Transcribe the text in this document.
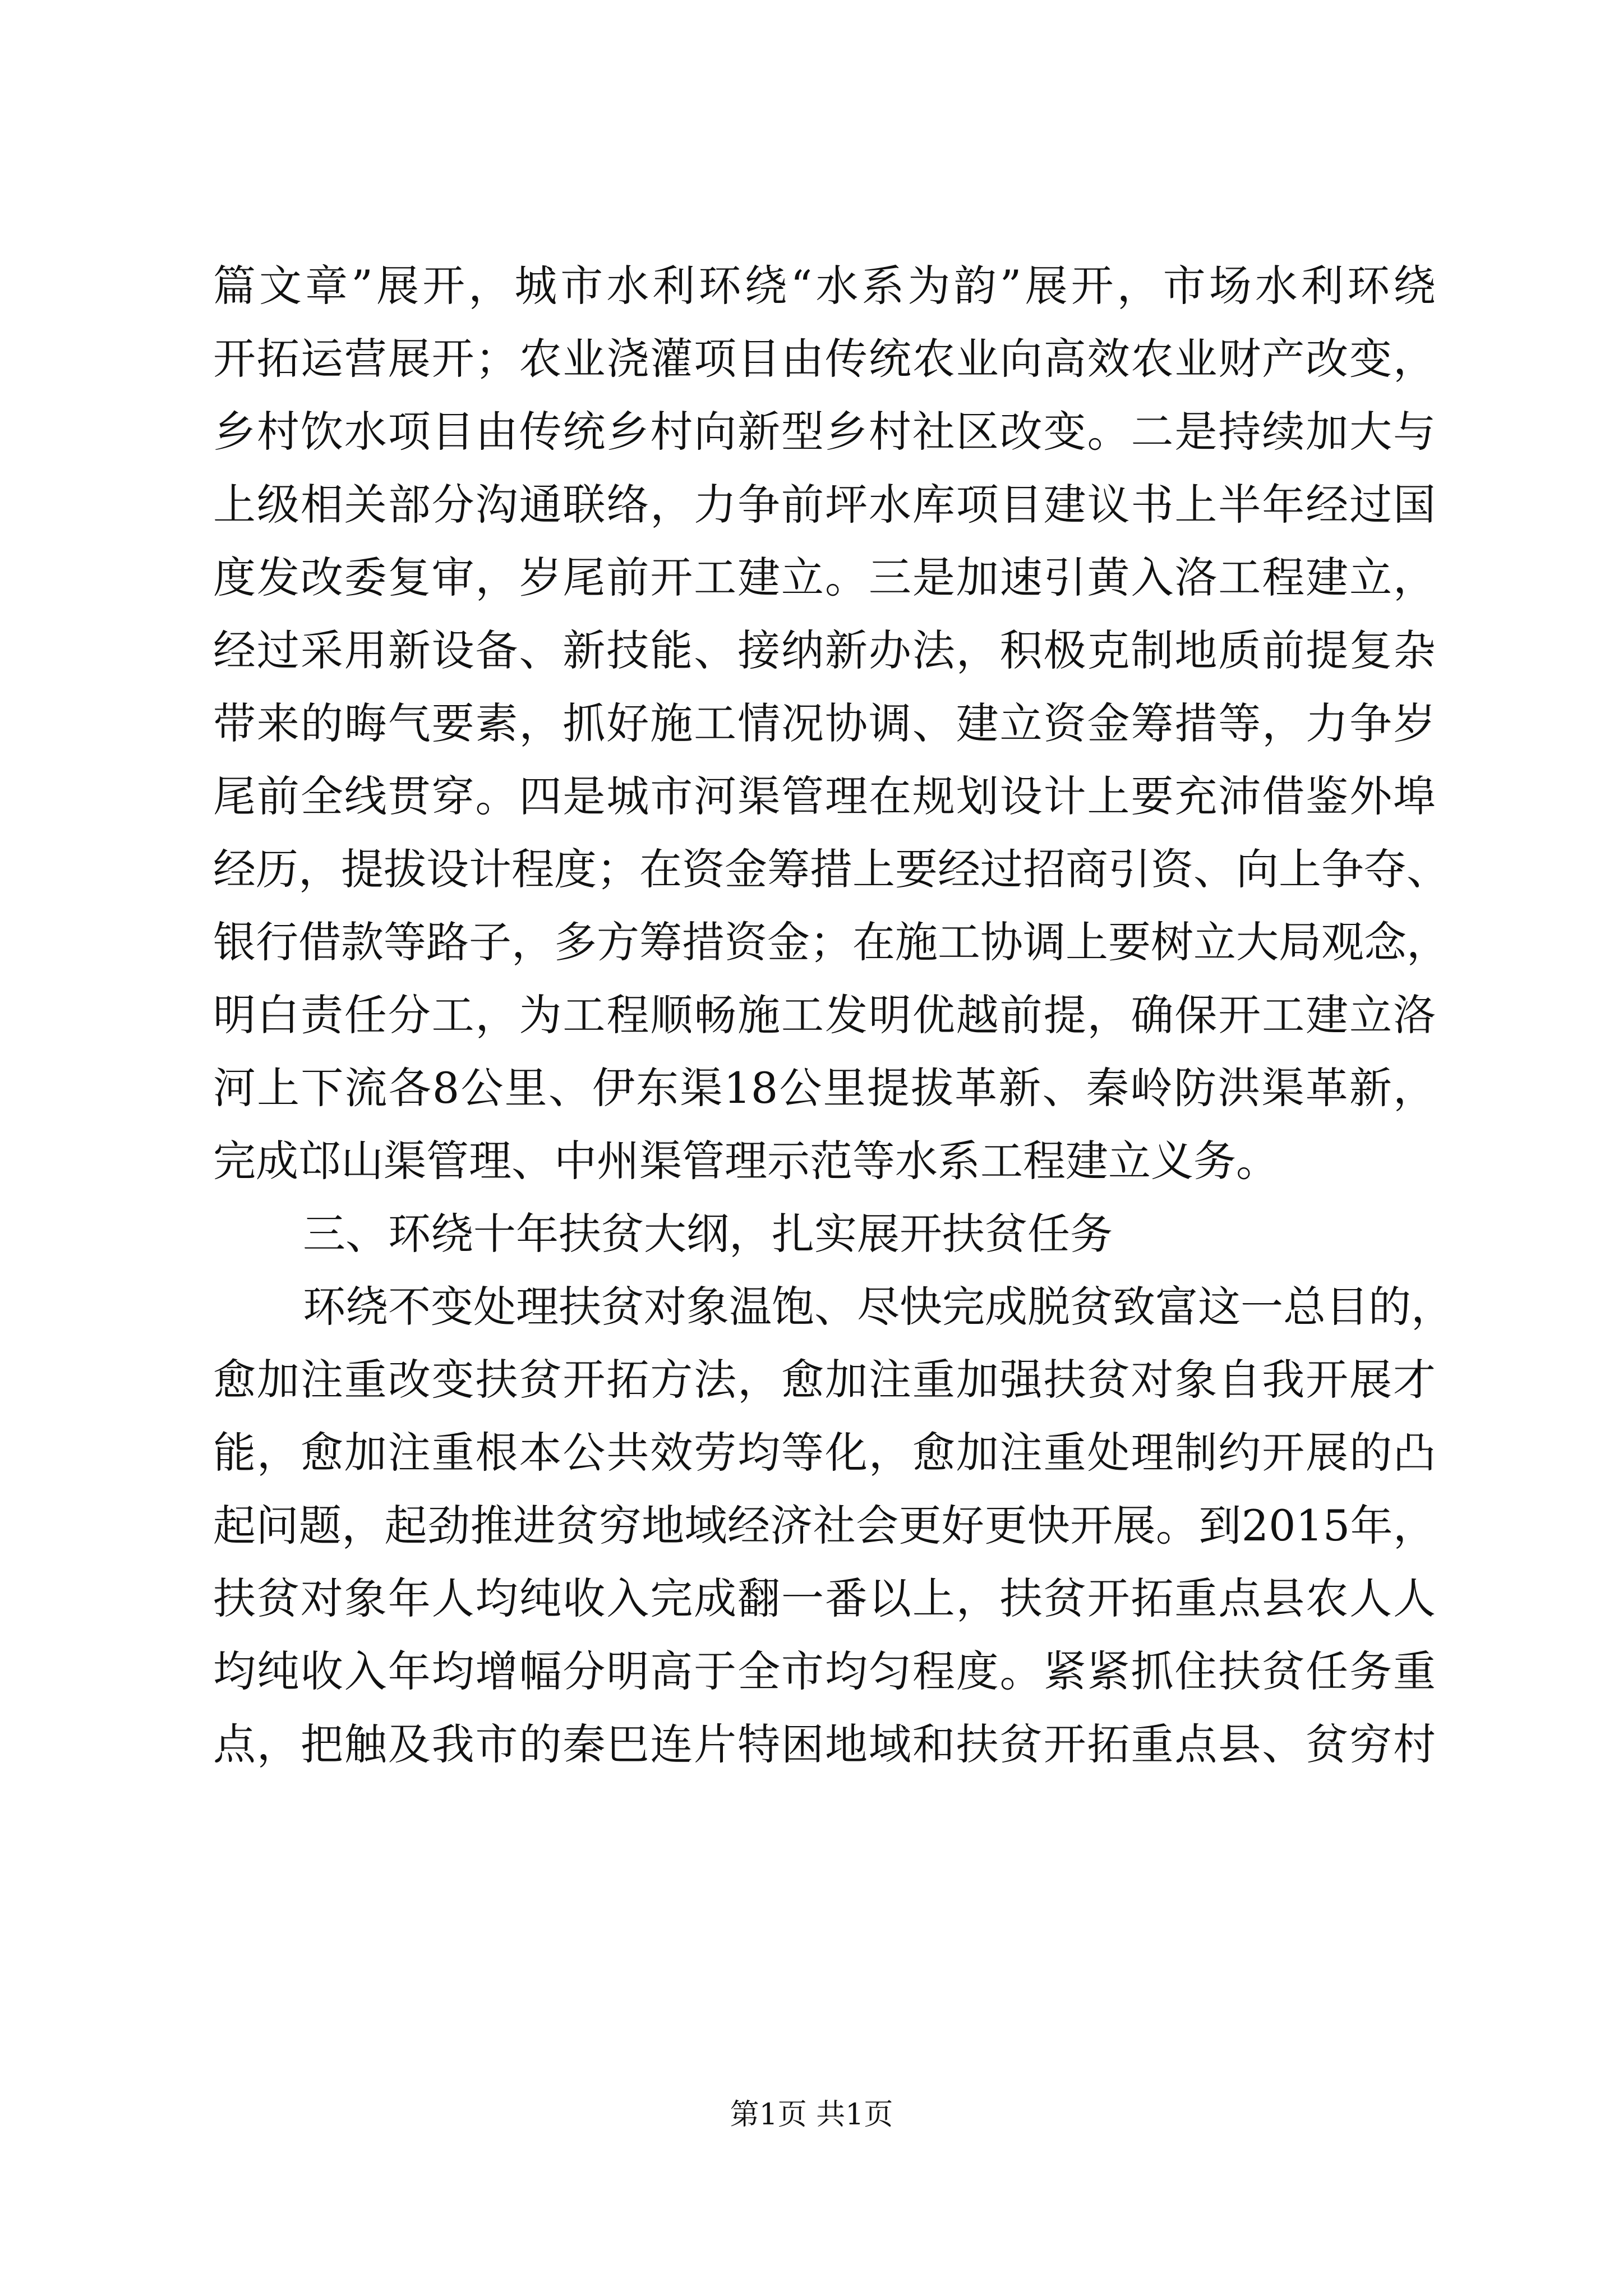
篇文章”展开，城市水利环绕“水系为韵”展开，市场水利环绕
开拓运营展开；农业浇灌项目由传统农业向高效农业财产改变，
乡村饮水项目由传统乡村向新型乡村社区改变。二是持续加大与
上级相关部分沟通联络，力争前坪水库项目建议书上半年经过国
度发改委复审，岁尾前开工建立。三是加速引黄入洛工程建立，
经过采用新设备、新技能、接纳新办法，积极克制地质前提复杂
带来的晦气要素，抓好施工情况协调、建立资金筹措等，力争岁
尾前全线贯穿。四是城市河渠管理在规划设计上要充沛借鉴外埠
经历，提拔设计程度；在资金筹措上要经过招商引资、向上争夺、
银行借款等路子，多方筹措资金；在施工协调上要树立大局观念，
明白责任分工，为工程顺畅施工发明优越前提，确保开工建立洛
河上下流各8公里、伊东渠18公里提拔革新、秦岭防洪渠革新，
完成邙山渠管理、中州渠管理示范等水系工程建立义务。
三、环绕十年扶贫大纲，扎实展开扶贫任务
环绕不变处理扶贫对象温饱、尽快完成脱贫致富这一总目的，
愈加注重改变扶贫开拓方法，愈加注重加强扶贫对象自我开展才
能，愈加注重根本公共效劳均等化，愈加注重处理制约开展的凸
起问题，起劲推进贫穷地域经济社会更好更快开展。到2015年，
扶贫对象年人均纯收入完成翻一番以上，扶贫开拓重点县农人人
均纯收入年均增幅分明高于全市均匀程度。紧紧抓住扶贫任务重
点，把触及我市的秦巴连片特困地域和扶贫开拓重点县、贫穷村
第1页 共1页
